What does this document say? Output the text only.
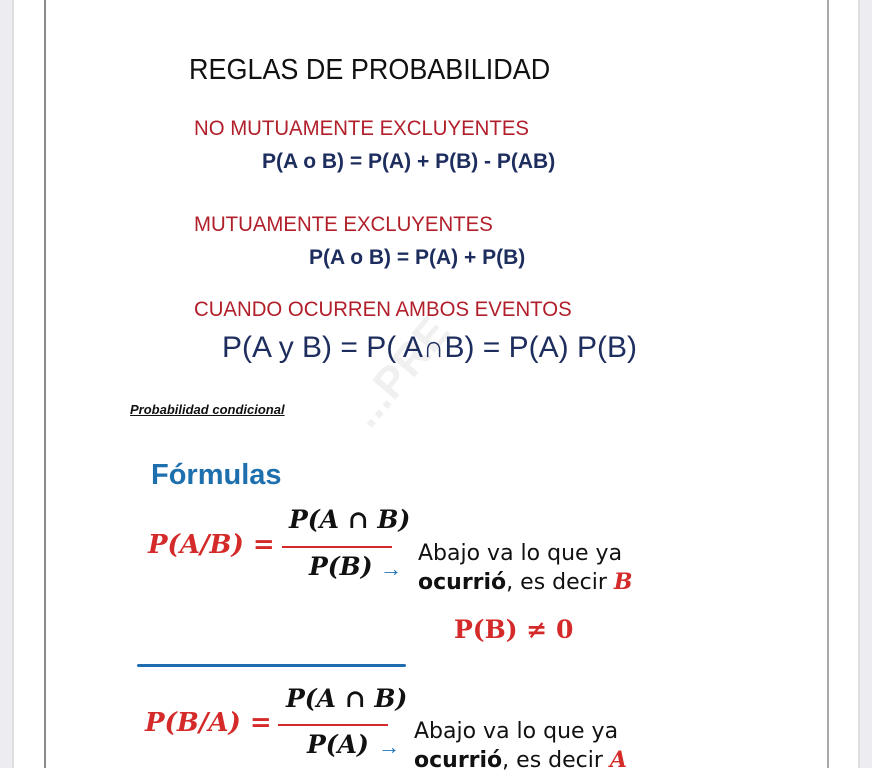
REGLAS DE PROBABILIDAD
NO MUTUAMENTE EXCLUYENTES
P(A o B) = P(A) + P(B) - P(AB)
MUTUAMENTE EXCLUYENTES
P(A o B) = P(A) + P(B)
CUANDO OCURREN AMBOS EVENTOS
P(A y B) = P( A∩B) = P(A) P(B)
Probabilidad condicional ...PRE
Fórmulas
P(A/B) =
P(A ∩ B)
P(B) →
Abajo va lo que ya
ocurrió, es decir B
P(B) ≠ 0
P(B/A) =
P(A ∩ B)
P(A) →
Abajo va lo que ya
ocurrió, es decir A
